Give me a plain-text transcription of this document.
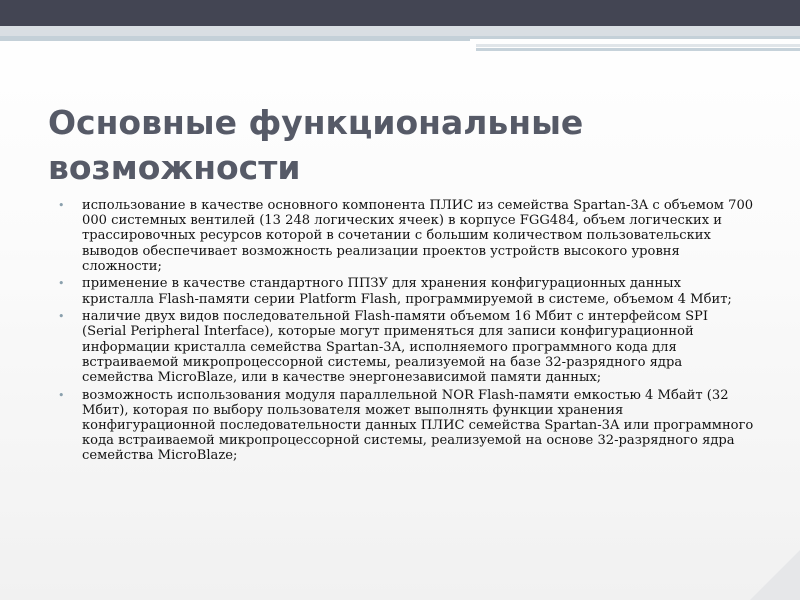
Основные функциональные возможности
• использование в качестве основного компонента ПЛИС из семейства Spartan-3A с объемом 700 000 системных вентилей (13 248 логических ячеек) в корпусе FGG484, объем логических и трассировочных ресурсов которой в сочетании с большим количеством пользовательских выводов обеспечивает возможность реализации проектов устройств высокого уровня сложности;
• применение в качестве стандартного ППЗУ для хранения конфигурационных данных кристалла Flash-памяти серии Platform Flash, программируемой в системе, объемом 4 Мбит;
• наличие двух видов последовательной Flash-памяти объемом 16 Мбит с интерфейсом SPI (Serial Peripheral Interface), которые могут применяться для записи конфигурационной информации кристалла семейства Spartan-3A, исполняемого программного кода для встраиваемой микропроцессорной системы, реализуемой на базе 32-разрядного ядра семейства MicroBlaze, или в качестве энергонезависимой памяти данных;
• возможность использования модуля параллельной NOR Flash-памяти емкостью 4 Мбайт (32 Мбит), которая по выбору пользователя может выполнять функции хранения конфигурационной последовательности данных ПЛИС семейства Spartan-3A или программного кода встраиваемой микропроцессорной системы, реализуемой на основе 32-разрядного ядра семейства MicroBlaze;
